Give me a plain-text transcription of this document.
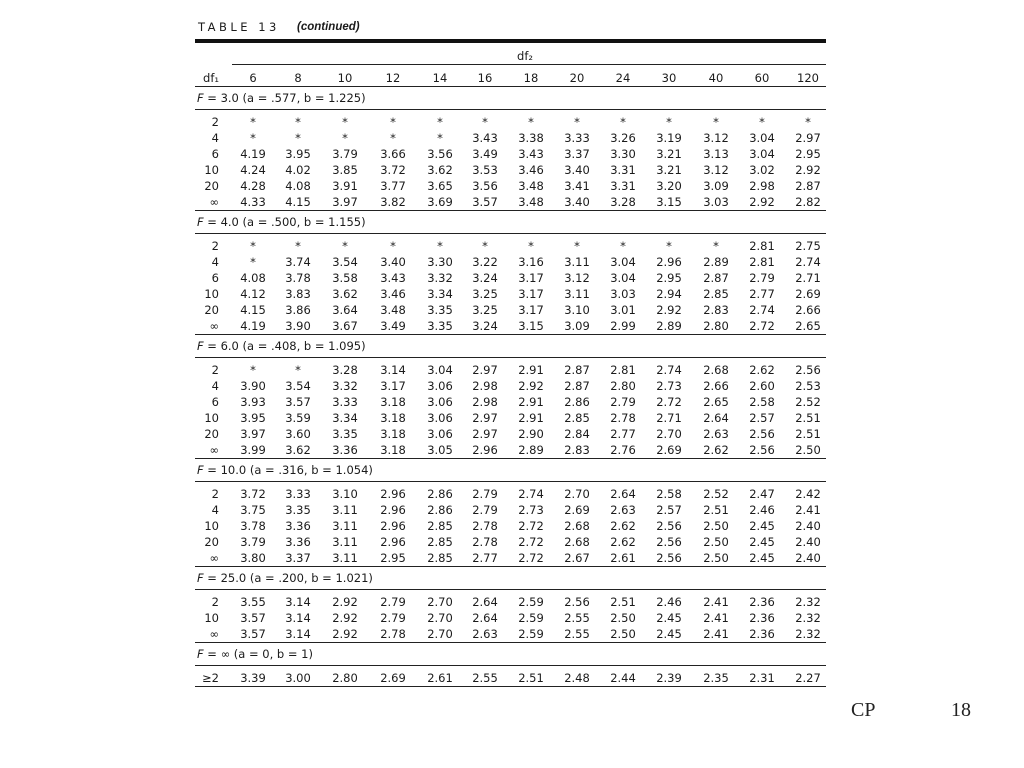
TABLE 13 (continued)
df₂
df₁	6	8	10	12	14	16	18	20	24	30	40	60	120
F = 3.0 (a = .577, b = 1.225)
2	*	*	*	*	*	*	*	*	*	*	*	*	*
4	*	*	*	*	*	3.43	3.38	3.33	3.26	3.19	3.12	3.04	2.97
6	4.19	3.95	3.79	3.66	3.56	3.49	3.43	3.37	3.30	3.21	3.13	3.04	2.95
10	4.24	4.02	3.85	3.72	3.62	3.53	3.46	3.40	3.31	3.21	3.12	3.02	2.92
20	4.28	4.08	3.91	3.77	3.65	3.56	3.48	3.41	3.31	3.20	3.09	2.98	2.87
∞	4.33	4.15	3.97	3.82	3.69	3.57	3.48	3.40	3.28	3.15	3.03	2.92	2.82
F = 4.0 (a = .500, b = 1.155)
2	*	*	*	*	*	*	*	*	*	*	*	2.81	2.75
4	*	3.74	3.54	3.40	3.30	3.22	3.16	3.11	3.04	2.96	2.89	2.81	2.74
6	4.08	3.78	3.58	3.43	3.32	3.24	3.17	3.12	3.04	2.95	2.87	2.79	2.71
10	4.12	3.83	3.62	3.46	3.34	3.25	3.17	3.11	3.03	2.94	2.85	2.77	2.69
20	4.15	3.86	3.64	3.48	3.35	3.25	3.17	3.10	3.01	2.92	2.83	2.74	2.66
∞	4.19	3.90	3.67	3.49	3.35	3.24	3.15	3.09	2.99	2.89	2.80	2.72	2.65
F = 6.0 (a = .408, b = 1.095)
2	*	*	3.28	3.14	3.04	2.97	2.91	2.87	2.81	2.74	2.68	2.62	2.56
4	3.90	3.54	3.32	3.17	3.06	2.98	2.92	2.87	2.80	2.73	2.66	2.60	2.53
6	3.93	3.57	3.33	3.18	3.06	2.98	2.91	2.86	2.79	2.72	2.65	2.58	2.52
10	3.95	3.59	3.34	3.18	3.06	2.97	2.91	2.85	2.78	2.71	2.64	2.57	2.51
20	3.97	3.60	3.35	3.18	3.06	2.97	2.90	2.84	2.77	2.70	2.63	2.56	2.51
∞	3.99	3.62	3.36	3.18	3.05	2.96	2.89	2.83	2.76	2.69	2.62	2.56	2.50
F = 10.0 (a = .316, b = 1.054)
2	3.72	3.33	3.10	2.96	2.86	2.79	2.74	2.70	2.64	2.58	2.52	2.47	2.42
4	3.75	3.35	3.11	2.96	2.86	2.79	2.73	2.69	2.63	2.57	2.51	2.46	2.41
10	3.78	3.36	3.11	2.96	2.85	2.78	2.72	2.68	2.62	2.56	2.50	2.45	2.40
20	3.79	3.36	3.11	2.96	2.85	2.78	2.72	2.68	2.62	2.56	2.50	2.45	2.40
∞	3.80	3.37	3.11	2.95	2.85	2.77	2.72	2.67	2.61	2.56	2.50	2.45	2.40
F = 25.0 (a = .200, b = 1.021)
2	3.55	3.14	2.92	2.79	2.70	2.64	2.59	2.56	2.51	2.46	2.41	2.36	2.32
10	3.57	3.14	2.92	2.79	2.70	2.64	2.59	2.55	2.50	2.45	2.41	2.36	2.32
∞	3.57	3.14	2.92	2.78	2.70	2.63	2.59	2.55	2.50	2.45	2.41	2.36	2.32
F = ∞ (a = 0, b = 1)
≥2	3.39	3.00	2.80	2.69	2.61	2.55	2.51	2.48	2.44	2.39	2.35	2.31	2.27
CP	18
